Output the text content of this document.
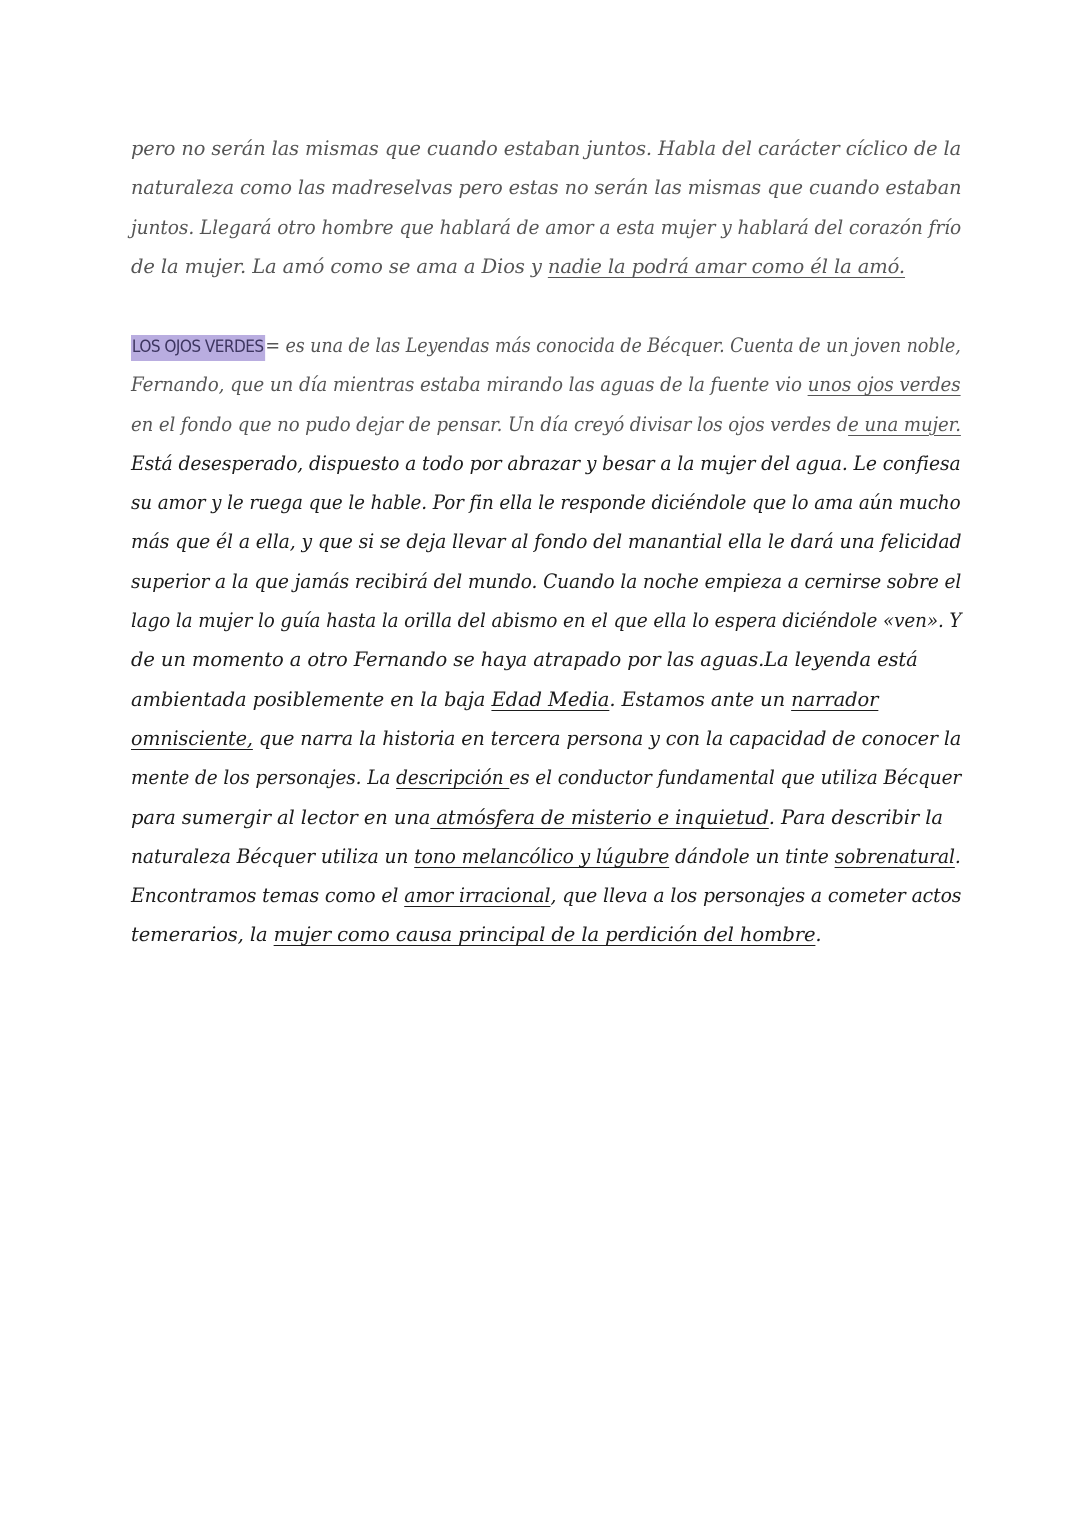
pero no serán las mismas que cuando estaban juntos. Habla del carácter cíclico de la
naturaleza como las madreselvas pero estas no serán las mismas que cuando estaban
juntos. Llegará otro hombre que hablará de amor a esta mujer y hablará del corazón frío
de la mujer. La amó como se ama a Dios y nadie la podrá amar como él la amó.

LOS OJOS VERDES= es una de las Leyendas más conocida de Bécquer. Cuenta de un joven noble,
Fernando, que un día mientras estaba mirando las aguas de la fuente vio unos ojos verdes
en el fondo que no pudo dejar de pensar. Un día creyó divisar los ojos verdes de una mujer.
Está desesperado, dispuesto a todo por abrazar y besar a la mujer del agua. Le confiesa
su amor y le ruega que le hable. Por fin ella le responde diciéndole que lo ama aún mucho
más que él a ella, y que si se deja llevar al fondo del manantial ella le dará una felicidad
superior a la que jamás recibirá del mundo. Cuando la noche empieza a cernirse sobre el
lago la mujer lo guía hasta la orilla del abismo en el que ella lo espera diciéndole «ven». Y
de un momento a otro Fernando se haya atrapado por las aguas.La leyenda está
ambientada posiblemente en la baja Edad Media. Estamos ante un narrador
omnisciente, que narra la historia en tercera persona y con la capacidad de conocer la
mente de los personajes. La descripción es el conductor fundamental que utiliza Bécquer
para sumergir al lector en una atmósfera de misterio e inquietud. Para describir la
naturaleza Bécquer utiliza un tono melancólico y lúgubre dándole un tinte sobrenatural.
Encontramos temas como el amor irracional, que lleva a los personajes a cometer actos
temerarios, la mujer como causa principal de la perdición del hombre.
